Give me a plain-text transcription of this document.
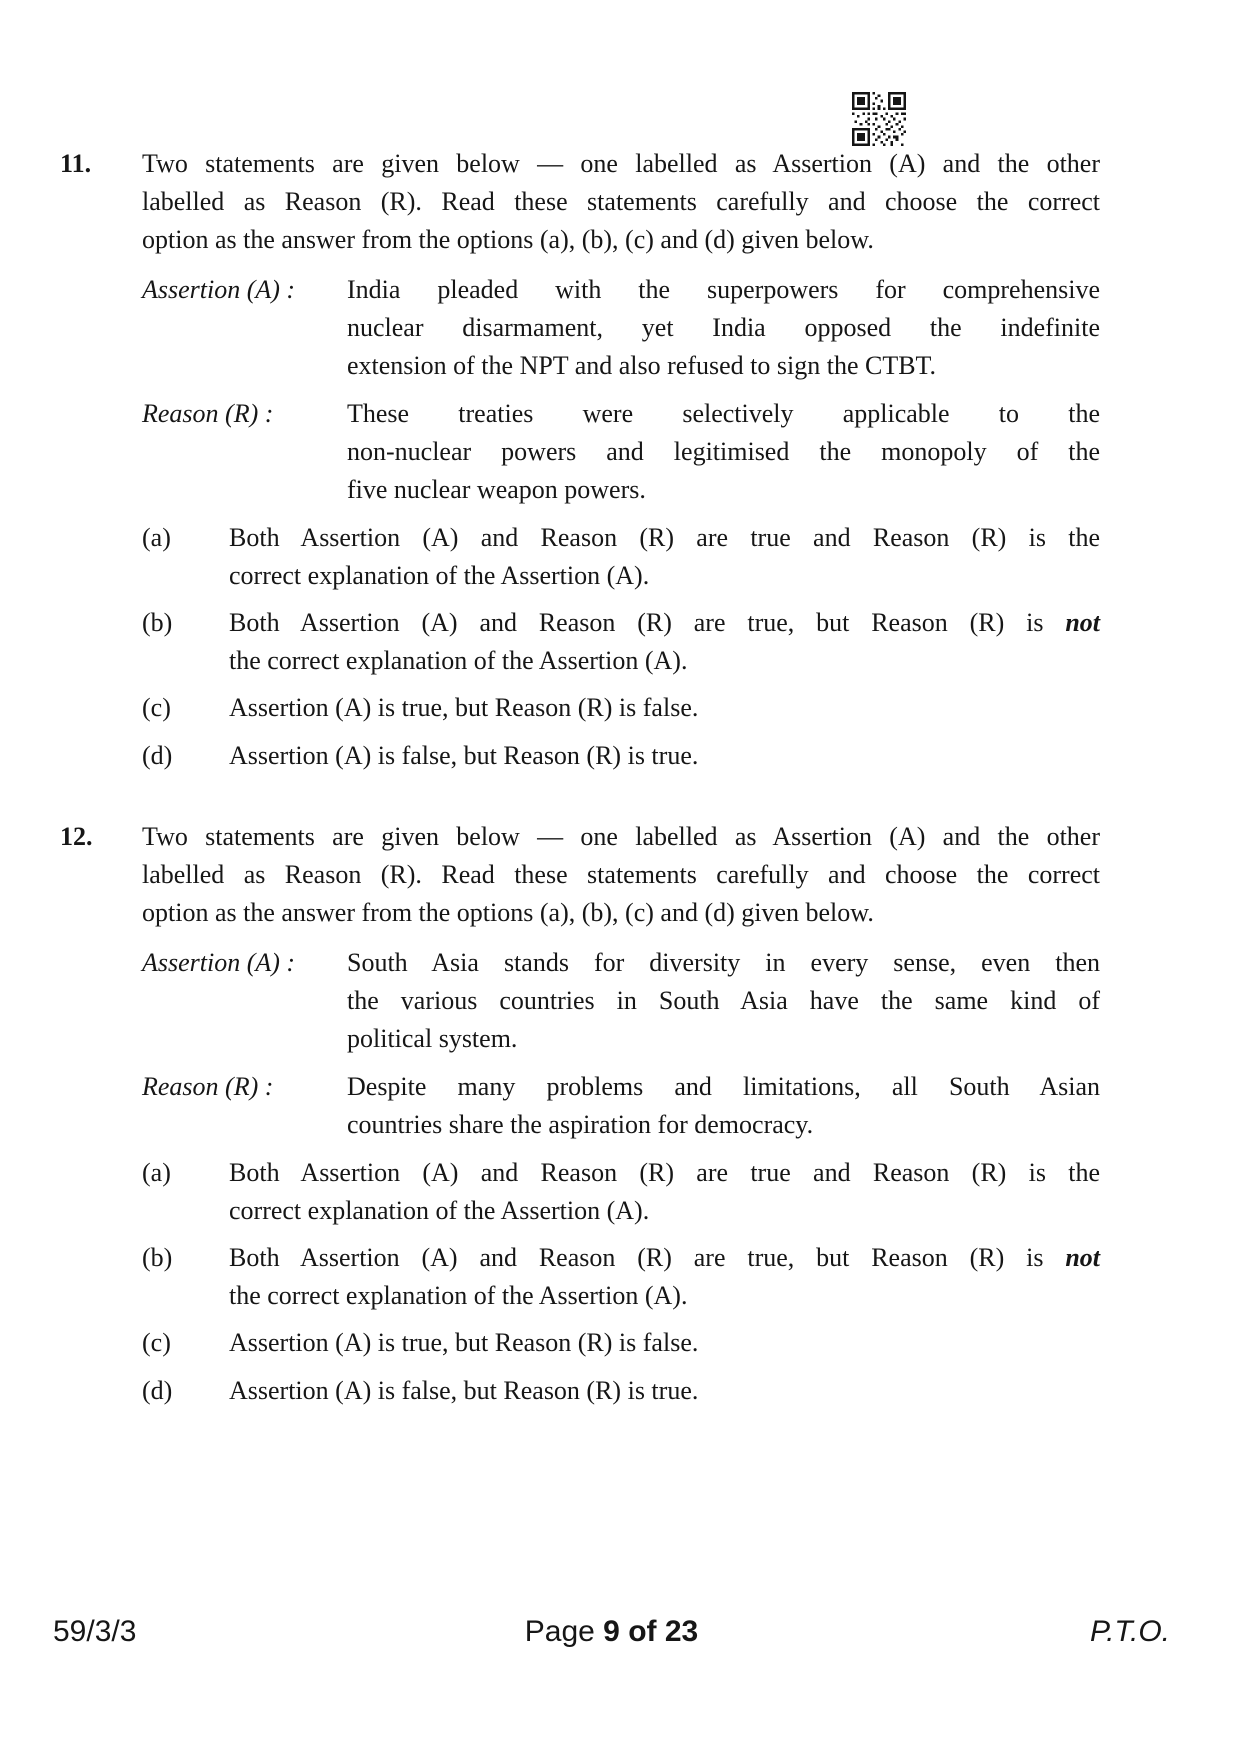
11. Two statements are given below — one labelled as Assertion (A) and the other
labelled as Reason (R). Read these statements carefully and choose the correct
option as the answer from the options (a), (b), (c) and (d) given below.
Assertion (A) :	India pleaded with the superpowers for comprehensive
nuclear disarmament, yet India opposed the indefinite
extension of the NPT and also refused to sign the CTBT.
Reason (R) :	These treaties were selectively applicable to the
non-nuclear powers and legitimised the monopoly of the
five nuclear weapon powers.
(a)	Both Assertion (A) and Reason (R) are true and Reason (R) is the
correct explanation of the Assertion (A).
(b)	Both Assertion (A) and Reason (R) are true, but Reason (R) is not
the correct explanation of the Assertion (A).
(c)	Assertion (A) is true, but Reason (R) is false.
(d)	Assertion (A) is false, but Reason (R) is true.
12. Two statements are given below — one labelled as Assertion (A) and the other
labelled as Reason (R). Read these statements carefully and choose the correct
option as the answer from the options (a), (b), (c) and (d) given below.
Assertion (A) :	South Asia stands for diversity in every sense, even then
the various countries in South Asia have the same kind of
political system.
Reason (R) :	Despite many problems and limitations, all South Asian
countries share the aspiration for democracy.
(a)	Both Assertion (A) and Reason (R) are true and Reason (R) is the
correct explanation of the Assertion (A).
(b)	Both Assertion (A) and Reason (R) are true, but Reason (R) is not
the correct explanation of the Assertion (A).
(c)	Assertion (A) is true, but Reason (R) is false.
(d)	Assertion (A) is false, but Reason (R) is true.
59/3/3	Page 9 of 23	P.T.O.
